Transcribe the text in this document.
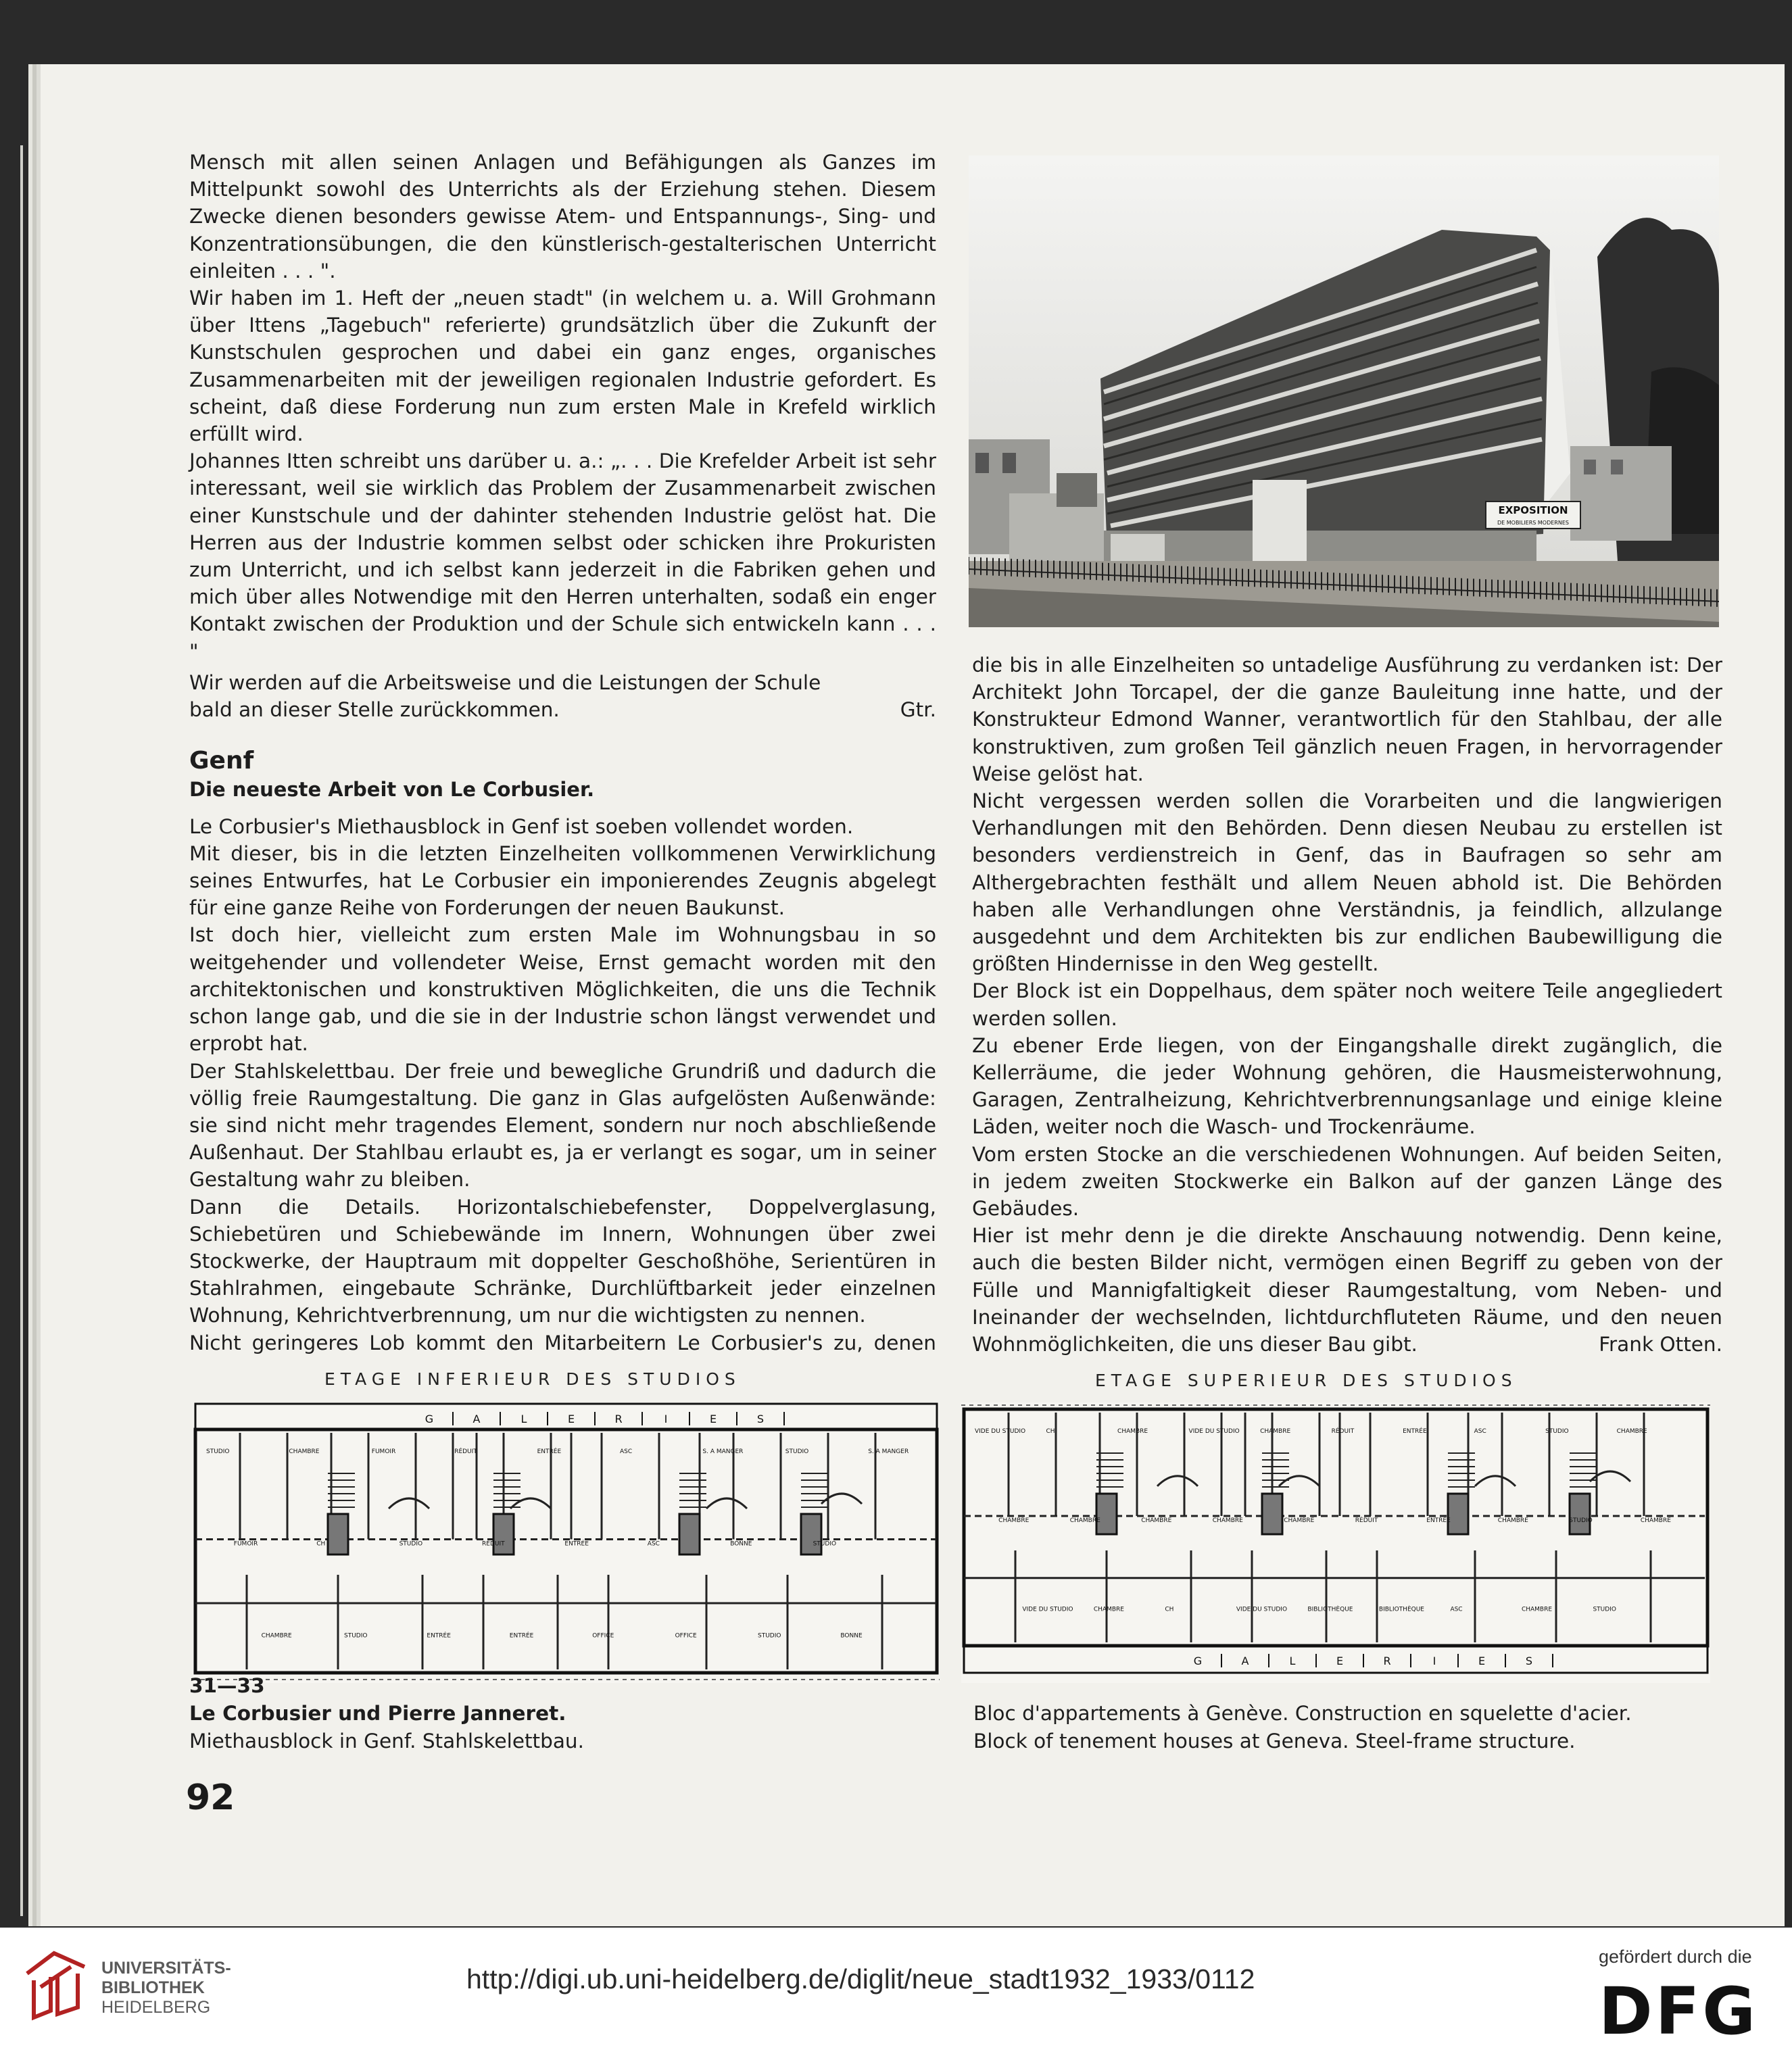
Mensch mit allen seinen Anlagen und Befähigungen als Ganzes im Mittelpunkt sowohl des Unterrichts als der Erziehung stehen. Diesem Zwecke dienen besonders gewisse Atem- und Entspannungs-, Sing- und Konzentrationsübungen, die den künstlerisch-gestalterischen Unterricht einleiten . . . ".

Wir haben im 1. Heft der „neuen stadt" (in welchem u. a. Will Grohmann über Ittens „Tagebuch" referierte) grundsätzlich über die Zukunft der Kunstschulen gesprochen und dabei ein ganz enges, organisches Zusammenarbeiten mit der jeweiligen regionalen Industrie gefordert. Es scheint, daß diese Forderung nun zum ersten Male in Krefeld wirklich erfüllt wird.

Johannes Itten schreibt uns darüber u. a.: „. . . Die Krefelder Arbeit ist sehr interessant, weil sie wirklich das Problem der Zusammenarbeit zwischen einer Kunstschule und der dahinter stehenden Industrie gelöst hat. Die Herren aus der Industrie kommen selbst oder schicken ihre Prokuristen zum Unterricht, und ich selbst kann jederzeit in die Fabriken gehen und mich über alles Notwendige mit den Herren unterhalten, sodaß ein enger Kontakt zwischen der Produktion und der Schule sich entwickeln kann . . . "

Wir werden auf die Arbeitsweise und die Leistungen der Schule bald an dieser Stelle zurückkommen.	Gtr.
Genf
Die neueste Arbeit von Le Corbusier.

Le Corbusier's Miethausblock in Genf ist soeben vollendet worden.

Mit dieser, bis in die letzten Einzelheiten vollkommenen Verwirklichung seines Entwurfes, hat Le Corbusier ein imponierendes Zeugnis abgelegt für eine ganze Reihe von Forderungen der neuen Baukunst.

Ist doch hier, vielleicht zum ersten Male im Wohnungsbau in so weitgehender und vollendeter Weise, Ernst gemacht worden mit den architektonischen und konstruktiven Möglichkeiten, die uns die Technik schon lange gab, und die sie in der Industrie schon längst verwendet und erprobt hat.

Der Stahlskelettbau. Der freie und bewegliche Grundriß und dadurch die völlig freie Raumgestaltung. Die ganz in Glas aufgelösten Außenwände: sie sind nicht mehr tragendes Element, sondern nur noch abschließende Außenhaut. Der Stahlbau erlaubt es, ja er verlangt es sogar, um in seiner Gestaltung wahr zu bleiben.

Dann die Details. Horizontalschiebefenster, Doppelverglasung, Schiebetüren und Schiebewände im Innern, Wohnungen über zwei Stockwerke, der Hauptraum mit doppelter Geschoßhöhe, Serientüren in Stahlrahmen, eingebaute Schränke, Durchlüftbarkeit jeder einzelnen Wohnung, Kehrichtverbrennung, um nur die wichtigsten zu nennen.

Nicht geringeres Lob kommt den Mitarbeitern Le Corbusier's zu, denen

EXPOSITION
DE MOBILIERS MODERNES

die bis in alle Einzelheiten so untadelige Ausführung zu verdanken ist: Der Architekt John Torcapel, der die ganze Bauleitung inne hatte, und der Konstrukteur Edmond Wanner, verantwortlich für den Stahlbau, der alle konstruktiven, zum großen Teil gänzlich neuen Fragen, in hervorragender Weise gelöst hat.

Nicht vergessen werden sollen die Vorarbeiten und die langwierigen Verhandlungen mit den Behörden. Denn diesen Neubau zu erstellen ist besonders verdienstreich in Genf, das in Baufragen so sehr am Althergebrachten festhält und allem Neuen abhold ist. Die Behörden haben alle Verhandlungen ohne Verständnis, ja feindlich, allzulange ausgedehnt und dem Architekten bis zur endlichen Baubewilligung die größten Hindernisse in den Weg gestellt.

Der Block ist ein Doppelhaus, dem später noch weitere Teile angegliedert werden sollen.

Zu ebener Erde liegen, von der Eingangshalle direkt zugänglich, die Kellerräume, die jeder Wohnung gehören, die Hausmeisterwohnung, Garagen, Zentralheizung, Kehrichtverbrennungsanlage und einige kleine Läden, weiter noch die Wasch- und Trockenräume.

Vom ersten Stocke an die verschiedenen Wohnungen. Auf beiden Seiten, in jedem zweiten Stockwerke ein Balkon auf der ganzen Länge des Gebäudes.

Hier ist mehr denn je die direkte Anschauung notwendig. Denn keine, auch die besten Bilder nicht, vermögen einen Begriff zu geben von der Fülle und Mannigfaltigkeit dieser Raumgestaltung, vom Neben- und Ineinander der wechselnden, lichtdurchfluteten Räume, und den neuen Wohnmöglichkeiten, die uns dieser Bau gibt.	Frank Otten.

ETAGE INFERIEUR DES STUDIOS	ETAGE SUPERIEUR DES STUDIOS
G	A	L	E	R	I	E	S
STUDIO
FUMOIR
CHAMBRE
CHAMBRE
CH
STUDIO
FUMOIR
STUDIO
ENTRÉE
RÉDUIT
RÉDUIT
ENTRÉE
ENTRÉE
ENTRÉE
OFFICE
ASC
ASC
OFFICE
S. A MANGER
BONNE
STUDIO
STUDIO
STUDIO
BONNE
S. A MANGER
G	A	L	E	R	I	E	S
VIDE DU STUDIO
CHAMBRE
VIDE DU STUDIO
CH
CHAMBRE
CHAMBRE
CHAMBRE
CHAMBRE
CH
VIDE DU STUDIO
CHAMBRE
VIDE DU STUDIO
CHAMBRE
CHAMBRE
BIBLIOTHÈQUE
RÉDUIT
RÉDUIT
BIBLIOTHÈQUE
ENTRÉE
ENTRÉE
ASC
ASC
CHAMBRE
CHAMBRE
STUDIO
STUDIO
STUDIO
CHAMBRE
CHAMBRE
31—33
Le Corbusier und Pierre Janneret.
Miethausblock in Genf. Stahlskelettbau.
Bloc d'appartements à Genève. Construction en squelette d'acier.
Block of tenement houses at Geneva. Steel-frame structure.
92
UNIVERSITÄTS-
BIBLIOTHEK
HEIDELBERG
http://digi.ub.uni-heidelberg.de/diglit/neue_stadt1932_1933/0112
gefördert durch die
DFG
